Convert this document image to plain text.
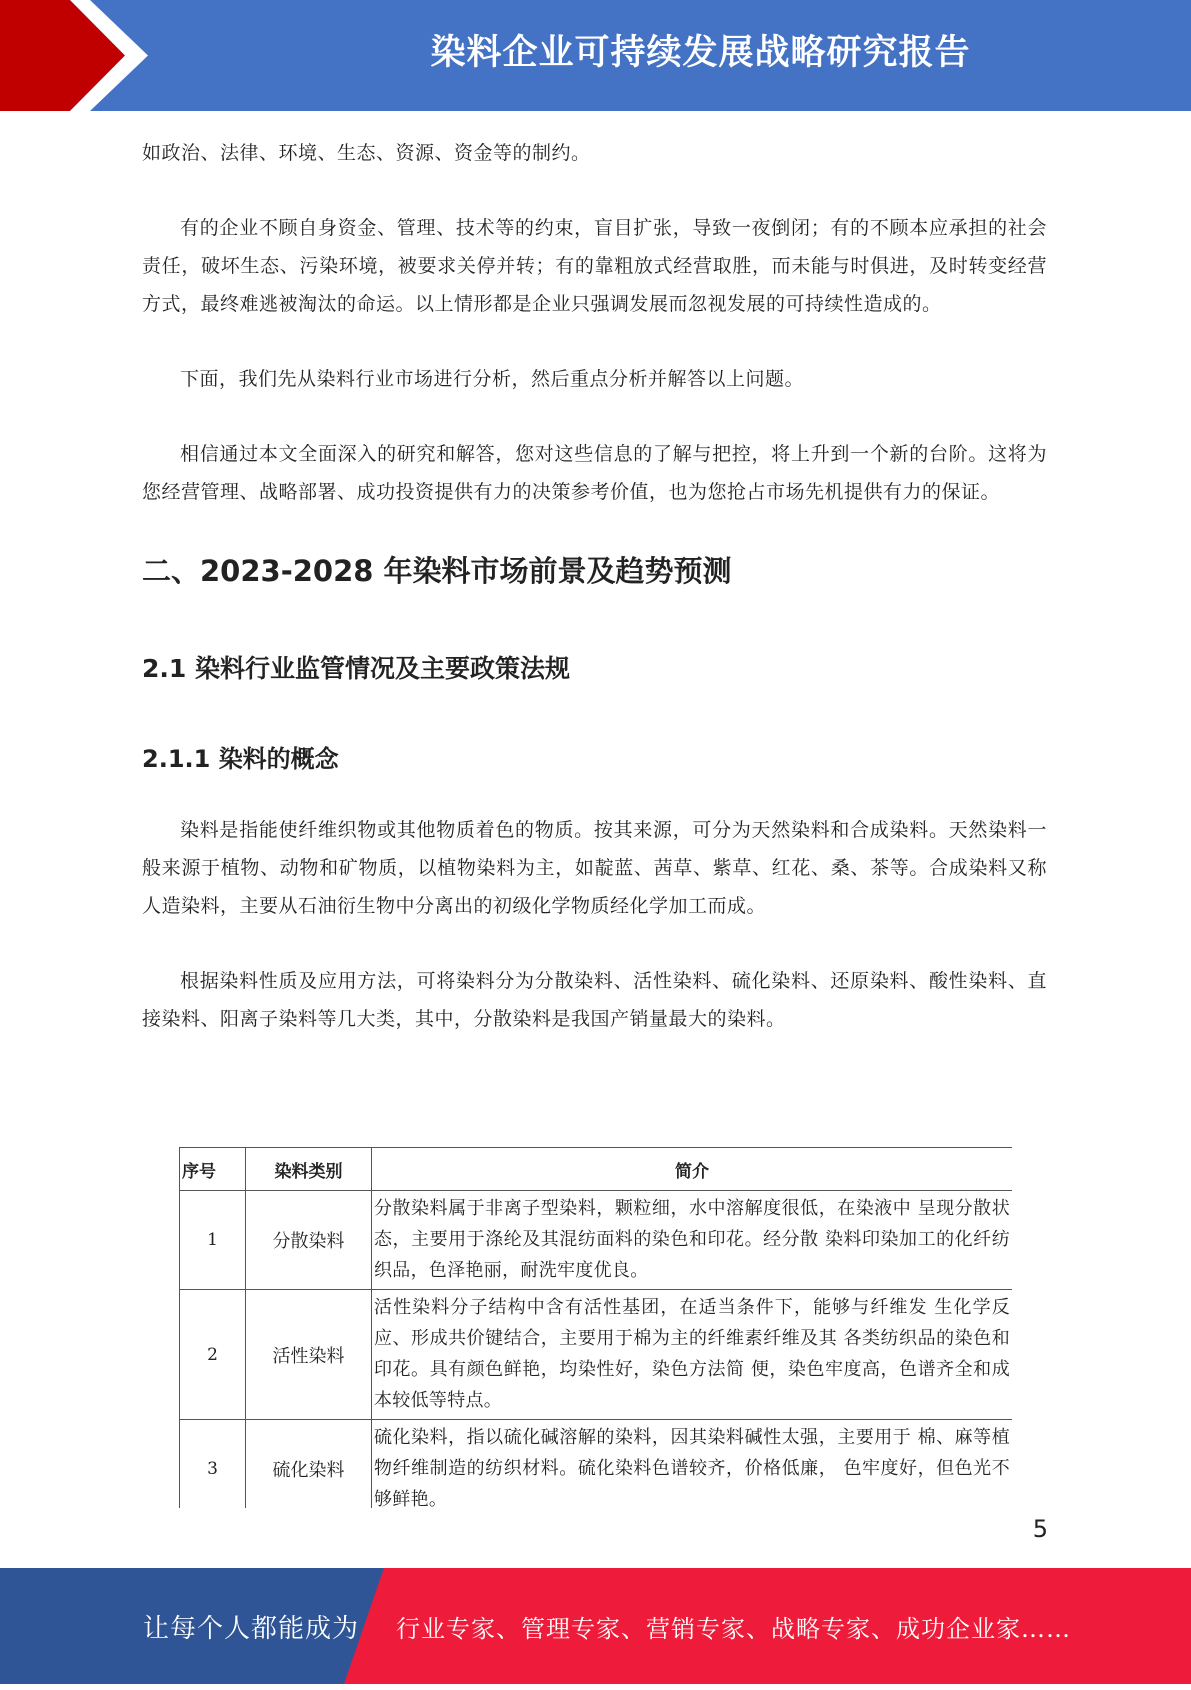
染料企业可持续发展战略研究报告

如政治、法律、环境、生态、资源、资金等的制约。

有的企业不顾自身资金、管理、技术等的约束，盲目扩张，导致一夜倒闭；有的不顾本应承担的社会责任，破坏生态、污染环境，被要求关停并转；有的靠粗放式经营取胜，而未能与时俱进，及时转变经营方式，最终难逃被淘汰的命运。以上情形都是企业只强调发展而忽视发展的可持续性造成的。

下面，我们先从染料行业市场进行分析，然后重点分析并解答以上问题。

相信通过本文全面深入的研究和解答，您对这些信息的了解与把控，将上升到一个新的台阶。这将为您经营管理、战略部署、成功投资提供有力的决策参考价值，也为您抢占市场先机提供有力的保证。

二、2023-2028 年染料市场前景及趋势预测
2.1 染料行业监管情况及主要政策法规
2.1.1 染料的概念

染料是指能使纤维织物或其他物质着色的物质。按其来源，可分为天然染料和合成染料。天然染料一般来源于植物、动物和矿物质，以植物染料为主，如靛蓝、茜草、紫草、红花、桑、茶等。合成染料又称人造染料，主要从石油衍生物中分离出的初级化学物质经化学加工而成。

根据染料性质及应用方法，可将染料分为分散染料、活性染料、硫化染料、还原染料、酸性染料、直接染料、阳离子染料等几大类，其中，分散染料是我国产销量最大的染料。

序号	染料类别	简介
1	分散染料	分散染料属于非离子型染料，颗粒细，水中溶解度很低，在染液中 呈现分散状态，主要用于涤纶及其混纺面料的染色和印花。经分散 染料印染加工的化纤纺织品，色泽艳丽，耐洗牢度优良。
2	活性染料	活性染料分子结构中含有活性基团，在适当条件下，能够与纤维发 生化学反应、形成共价键结合，主要用于棉为主的纤维素纤维及其 各类纺织品的染色和印花。具有颜色鲜艳，均染性好，染色方法简 便，染色牢度高，色谱齐全和成本较低等特点。
3	硫化染料	硫化染料，指以硫化碱溶解的染料，因其染料碱性太强，主要用于 棉、麻等植物纤维制造的纺织材料。硫化染料色谱较齐，价格低廉， 色牢度好，但色光不够鲜艳。
5
让每个人都能成为 行业专家、管理专家、营销专家、战略专家、成功企业家……
